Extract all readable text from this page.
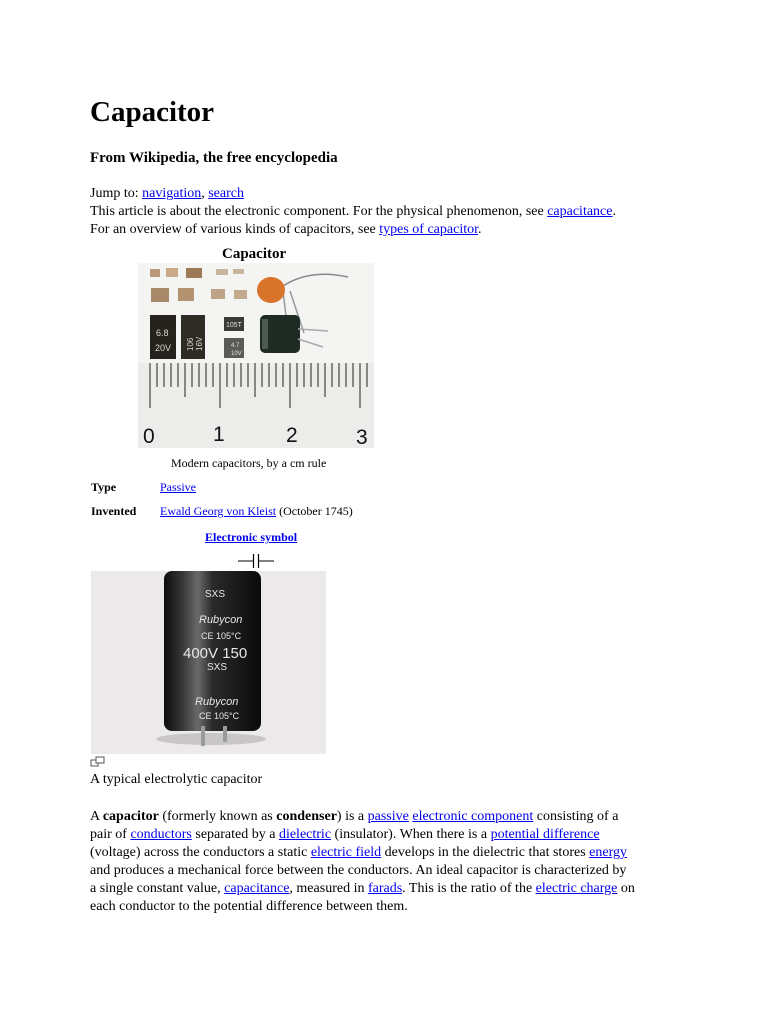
Capacitor
From Wikipedia, the free encyclopedia
Jump to: navigation, search
This article is about the electronic component. For the physical phenomenon, see capacitance.
For an overview of various kinds of capacitors, see types of capacitor.
Capacitor
6.8
20V 106 16V
105T
4.7
10V
0	1	2	3
Modern capacitors, by a cm rule
Type	Passive
Invented Ewald Georg von Kleist (October 1745)
Electronic symbol
SXS
Rubycon
CE 105°C
400V 150
SXS
Rubycon
CE 105°C
A typical electrolytic capacitor
A capacitor (formerly known as condenser) is a passive electronic component consisting of a
pair of conductors separated by a dielectric (insulator). When there is a potential difference
(voltage) across the conductors a static electric field develops in the dielectric that stores energy
and produces a mechanical force between the conductors. An ideal capacitor is characterized by
a single constant value, capacitance, measured in farads. This is the ratio of the electric charge on
each conductor to the potential difference between them.
